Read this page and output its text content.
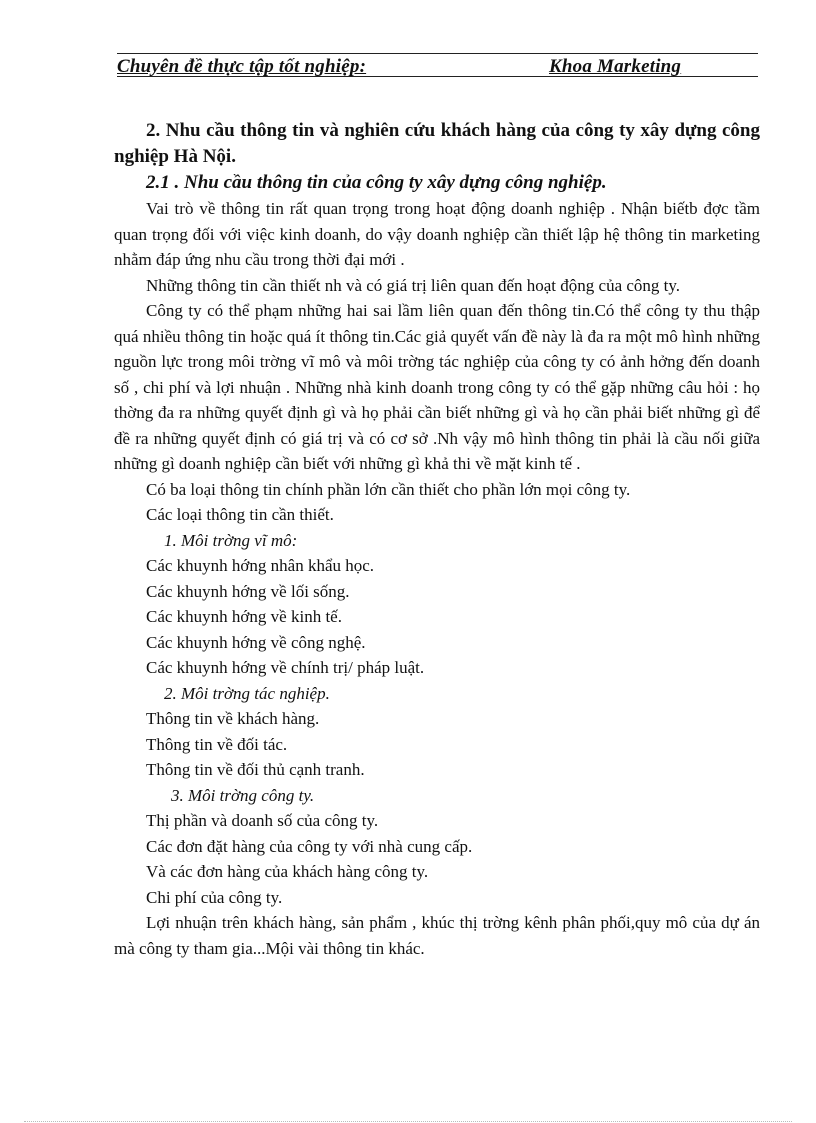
Chuyên đề thực tập tốt nghiệp:	Khoa Marketing

2. Nhu cầu thông tin và nghiên cứu khách hàng của công ty xây dựng công nghiệp Hà Nội.

2.1 . Nhu cầu thông tin của công ty xây dựng công nghiệp.

Vai trò về thông tin rất quan trọng trong hoạt động doanh nghiệp . Nhận biếtb đợc tầm quan trọng đối với việc kinh doanh, do vậy doanh nghiệp cần thiết lập hệ thông tin marketing nhằm đáp ứng nhu cầu trong thời đại mới .

Những thông tin cần thiết nh và có giá trị liên quan đến hoạt động của công ty.

Công ty có thể phạm những hai sai lầm liên quan đến thông tin.Có thể công ty thu thập quá nhiều thông tin hoặc quá ít thông tin.Các giả quyết vấn đề này là đa ra một mô hình những nguồn lực trong môi trờng vĩ mô và môi trờng tác nghiệp của công ty có ảnh hởng đến doanh số , chi phí và lợi nhuận . Những nhà kinh doanh trong công ty có thể gặp những câu hỏi : họ thờng đa ra những quyết định gì và họ phải cần biết những gì và họ cần phải biết những gì để đề ra những quyết định có giá trị và có cơ sở .Nh vậy mô hình thông tin phải là cầu nối giữa những gì doanh nghiệp cần biết với những gì khả thi về mặt kinh tế .

Có ba loại thông tin chính phần lớn cần thiết cho phần lớn mọi công ty.

Các loại thông tin cần thiết.

1. Môi trờng vĩ mô:

Các khuynh hớng nhân khẩu học.

Các khuynh hớng về lối sống.

Các khuynh hớng về kinh tế.

Các khuynh hớng về công nghệ.

Các khuynh hớng về chính trị/ pháp luật.

2. Môi trờng tác nghiệp.

Thông tin về khách hàng.

Thông tin về đối tác.

Thông tin về đối thủ cạnh tranh.

3. Môi trờng công ty.

Thị phần và doanh số của công ty.

Các đơn đặt hàng của công ty với nhà cung cấp.

Và các đơn hàng của khách hàng công ty.

Chi phí của công ty.

Lợi nhuận trên khách hàng, sản phẩm , khúc thị trờng kênh phân phối,quy mô của dự án mà công ty tham gia...Mội vài thông tin khác.
